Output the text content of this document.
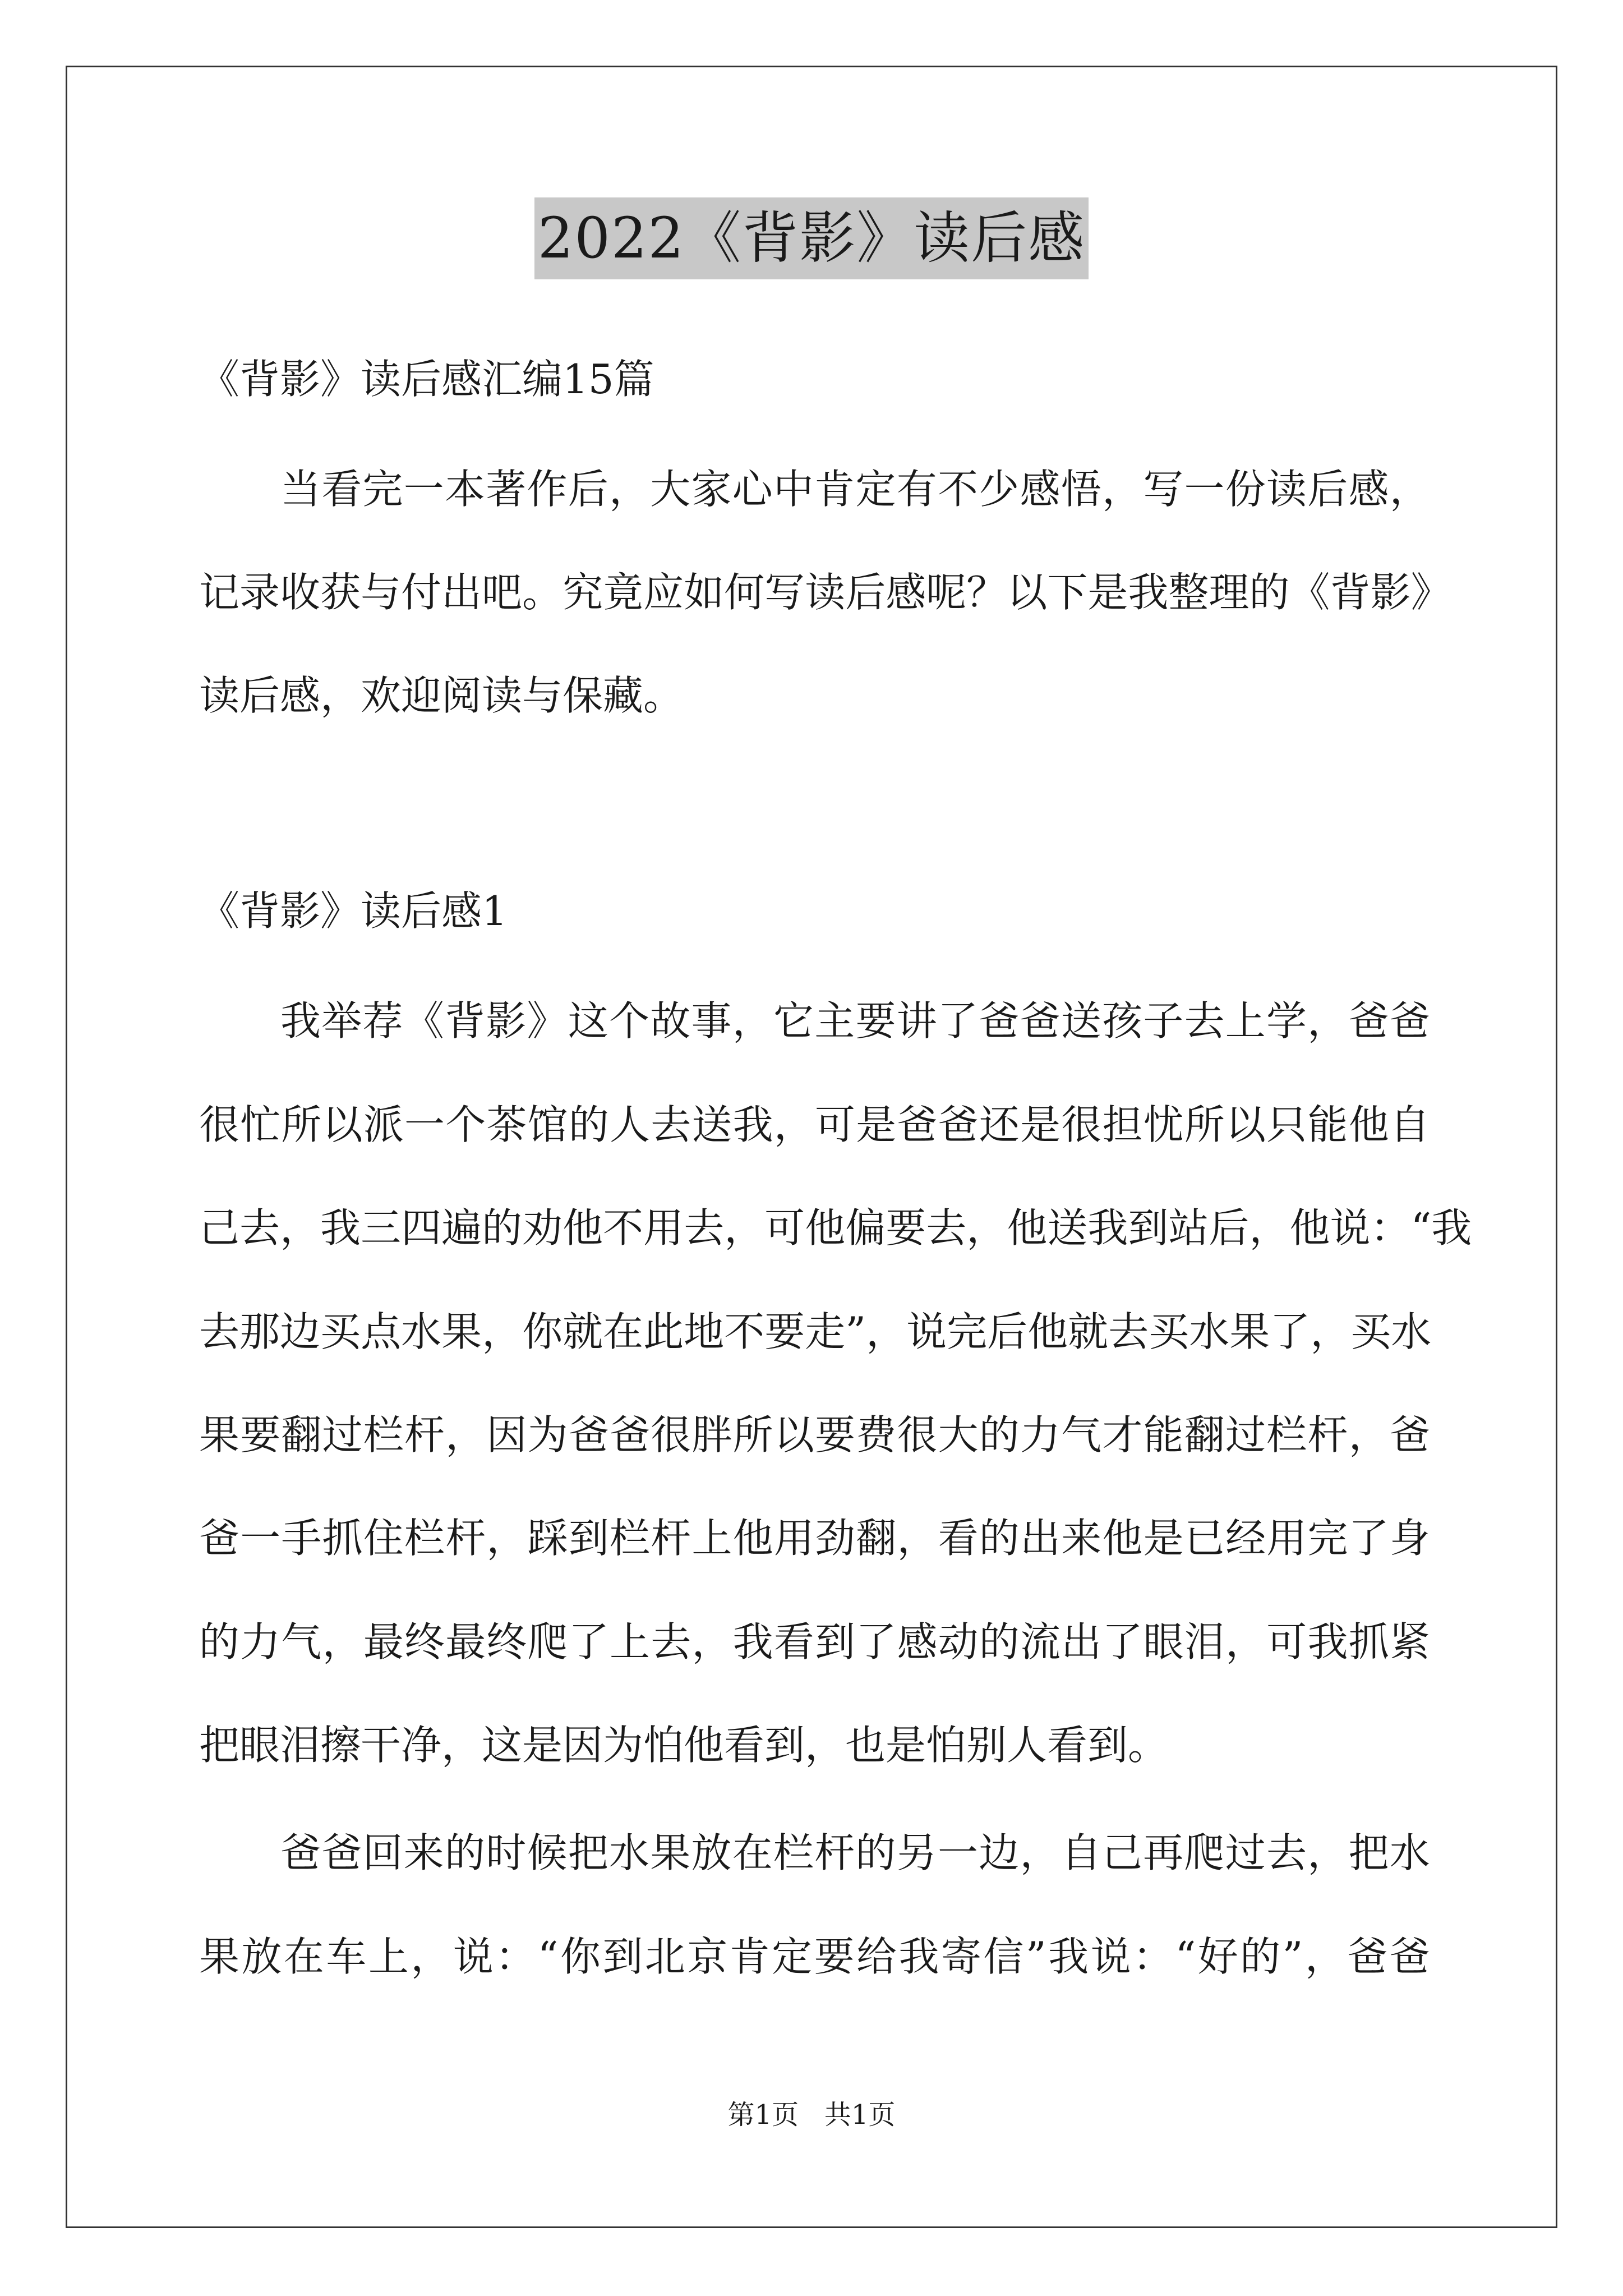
2022《背影》读后感
《背影》读后感汇编15篇
当 看 完 一 本 著 作 后 ， 大 家 心 中 肯 定 有 不 少 感 悟 ， 写 一 份 读 后 感 ，
记 录 收 获 与 付 出 吧 。 究 竟 应 如 何 写 读 后 感 呢 ？ 以 下 是 我 整 理 的 《 背 影 》
读后感，欢迎阅读与保藏。
《背影》读后感1
我 举 荐 《 背 影 》 这 个 故 事 ， 它 主 要 讲 了 爸 爸 送 孩 子 去 上 学 ， 爸 爸
很 忙 所 以 派 一 个 茶 馆 的 人 去 送 我 ， 可 是 爸 爸 还 是 很 担 忧 所 以 只 能 他 自
己 去 ， 我 三 四 遍 的 劝 他 不 用 去 ， 可 他 偏 要 去 ， 他 送 我 到 站 后 ， 他 说 ： “ 我
去 那 边 买 点 水 果 ， 你 就 在 此 地 不 要 走 ” ， 说 完 后 他 就 去 买 水 果 了 ， 买 水
果 要 翻 过 栏 杆 ， 因 为 爸 爸 很 胖 所 以 要 费 很 大 的 力 气 才 能 翻 过 栏 杆 ， 爸
爸 一 手 抓 住 栏 杆 ， 踩 到 栏 杆 上 他 用 劲 翻 ， 看 的 出 来 他 是 已 经 用 完 了 身
的 力 气 ， 最 终 最 终 爬 了 上 去 ， 我 看 到 了 感 动 的 流 出 了 眼 泪 ， 可 我 抓 紧
把眼泪擦干净，这是因为怕他看到，也是怕别人看到。
爸 爸 回 来 的 时 候 把 水 果 放 在 栏 杆 的 另 一 边 ， 自 己 再 爬 过 去 ， 把 水
果 放 在 车 上 ， 说 ： “ 你 到 北 京 肯 定 要 给 我 寄 信 ” 我 说 ： “ 好 的 ” ， 爸 爸
第1页   共1页
